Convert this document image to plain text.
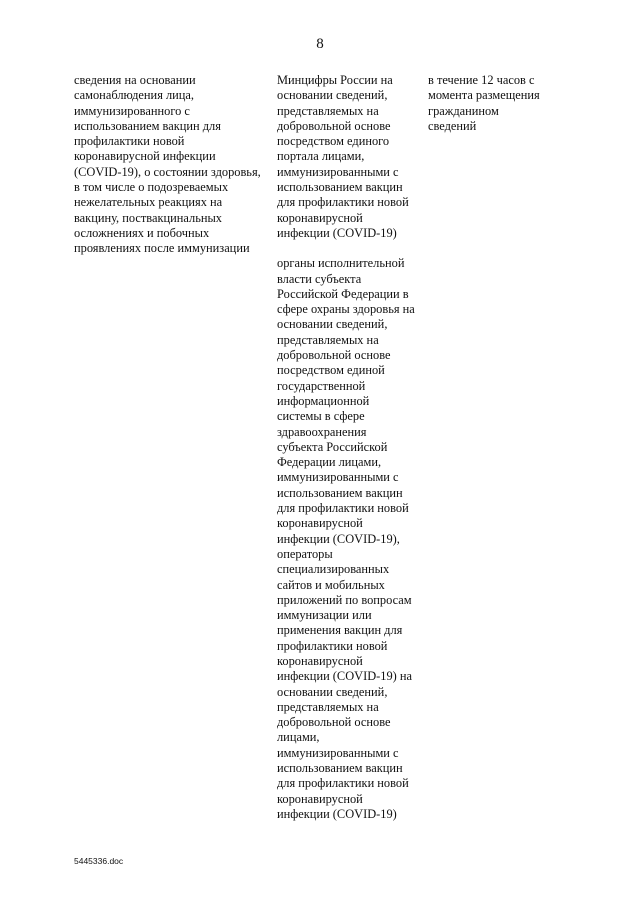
8
сведения на основании
самонаблюдения лица,
иммунизированного с
использованием вакцин для
профилактики новой
коронавирусной инфекции
(COVID-19), о состоянии здоровья,
в том числе о подозреваемых
нежелательных реакциях на
вакцину, поствакцинальных
осложнениях и побочных
проявлениях после иммунизации
Минцифры России на
основании сведений,
представляемых на
добровольной основе
посредством единого
портала лицами,
иммунизированными с
использованием вакцин
для профилактики новой
коронавирусной
инфекции (COVID-19)
органы исполнительной
власти субъекта
Российской Федерации в
сфере охраны здоровья на
основании сведений,
представляемых на
добровольной основе
посредством единой
государственной
информационной
системы в сфере
здравоохранения
субъекта Российской
Федерации лицами,
иммунизированными с
использованием вакцин
для профилактики новой
коронавирусной
инфекции (COVID-19),
операторы
специализированных
сайтов и мобильных
приложений по вопросам
иммунизации или
применения вакцин для
профилактики новой
коронавирусной
инфекции (COVID-19) на
основании сведений,
представляемых на
добровольной основе
лицами,
иммунизированными с
использованием вакцин
для профилактики новой
коронавирусной
инфекции (COVID-19)
в течение 12 часов с
момента размещения
гражданином
сведений
5445336.doc
